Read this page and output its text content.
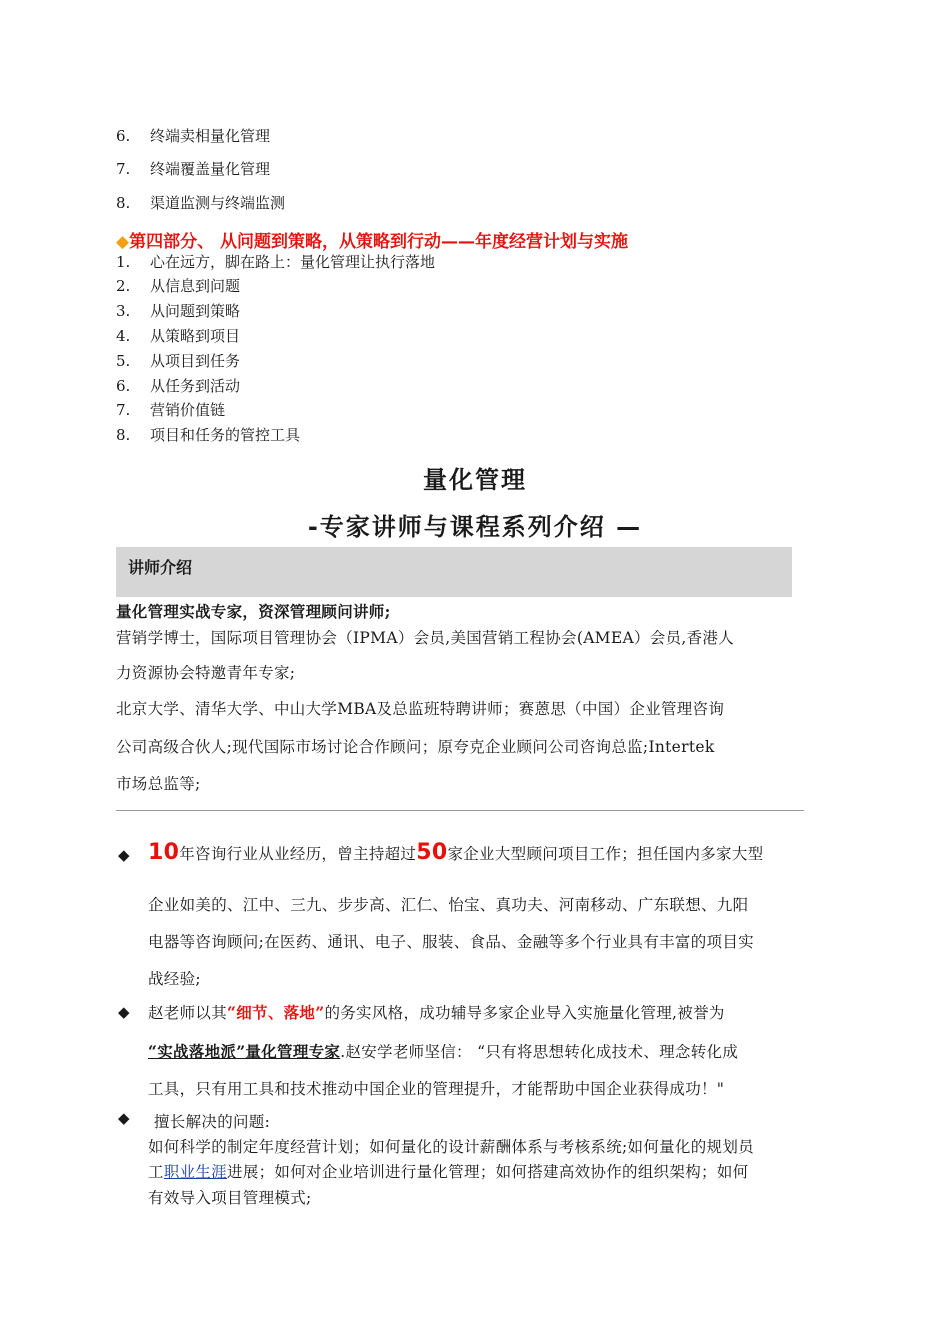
6. 终端卖相量化管理
7. 终端覆盖量化管理
8. 渠道监测与终端监测
◆第四部分、 从问题到策略，从策略到行动——年度经营计划与实施
1. 心在远方，脚在路上：量化管理让执行落地
2. 从信息到问题
3. 从问题到策略
4. 从策略到项目
5. 从项目到任务
6. 从任务到活动
7. 营销价值链
8. 项目和任务的管控工具
量化管理
-专家讲师与课程系列介绍 —
讲师介绍
量化管理实战专家，资深管理顾问讲师;
营销学博士，国际项目管理协会（IPMA）会员,美国营销工程协会(AMEA）会员,香港人
力资源协会特邀青年专家;
北京大学、清华大学、中山大学MBA及总监班特聘讲师；赛蒽思（中国）企业管理咨询
公司高级合伙人;现代国际市场讨论合作顾问；原夸克企业顾问公司咨询总监;Intertek
市场总监等;
◆ 10年咨询行业从业经历，曾主持超过50家企业大型顾问项目工作；担任国内多家大型
企业如美的、江中、三九、步步高、汇仁、怡宝、真功夫、河南移动、广东联想、九阳
电器等咨询顾问;在医药、通讯、电子、服装、食品、金融等多个行业具有丰富的项目实
战经验;
◆ 赵老师以其“细节、落地”的务实风格，成功辅导多家企业导入实施量化管理,被誉为
“实战落地派”量化管理专家.赵安学老师坚信： “只有将思想转化成技术、理念转化成
工具，只有用工具和技术推动中国企业的管理提升，才能帮助中国企业获得成功！"
◆ 擅长解决的问题:
如何科学的制定年度经营计划；如何量化的设计薪酬体系与考核系统;如何量化的规划员
工职业生涯进展；如何对企业培训进行量化管理；如何搭建高效协作的组织架构；如何
有效导入项目管理模式;
